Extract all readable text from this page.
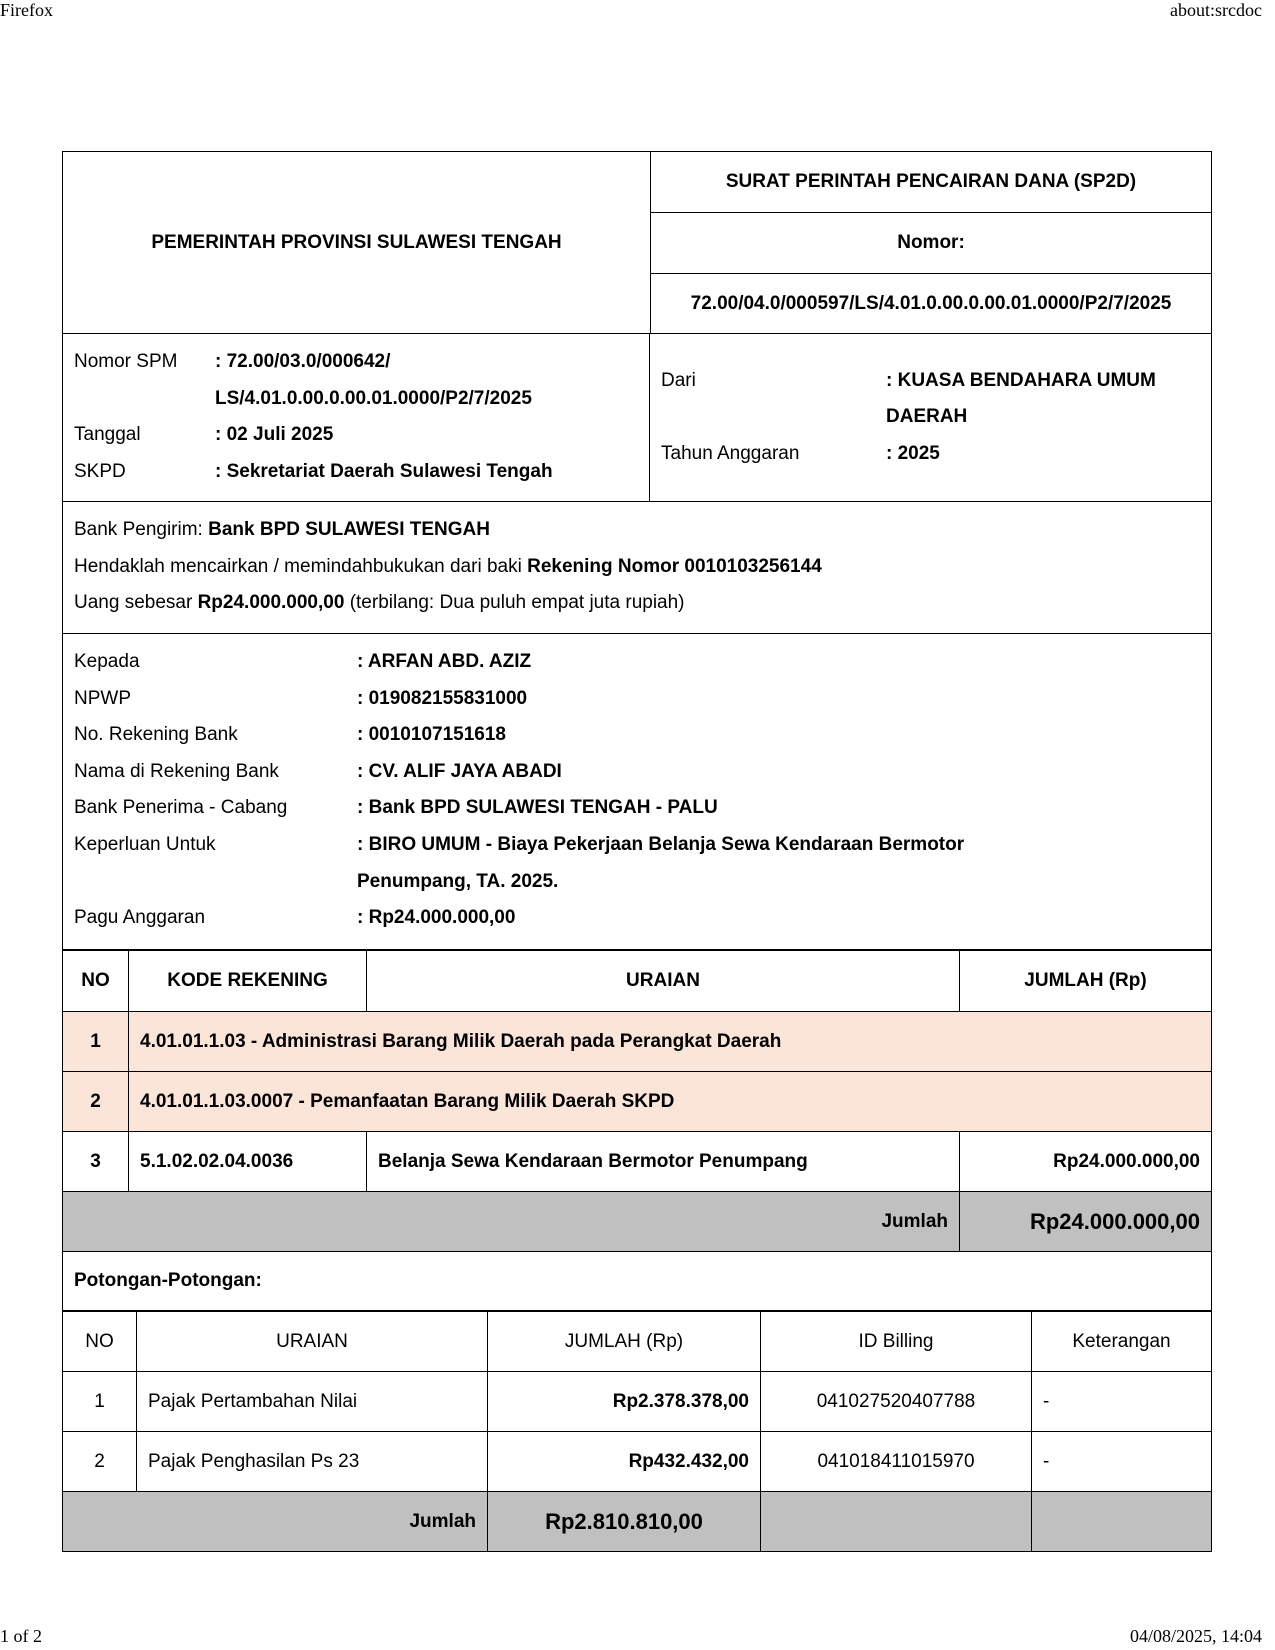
Firefox	about:srcdoc
PEMERINTAH PROVINSI SULAWESI TENGAH
SURAT PERINTAH PENCAIRAN DANA (SP2D)
Nomor:
72.00/04.0/000597/LS/4.01.0.00.0.00.01.0000/P2/7/2025
Nomor SPM	: 72.00/03.0/000642/
LS/4.01.0.00.0.00.01.0000/P2/7/2025
Tanggal	: 02 Juli 2025
SKPD	: Sekretariat Daerah Sulawesi Tengah
Dari	: KUASA BENDAHARA UMUM
DAERAH
Tahun Anggaran	: 2025
Bank Pengirim: Bank BPD SULAWESI TENGAH
Hendaklah mencairkan / memindahbukukan dari baki Rekening Nomor 0010103256144
Uang sebesar Rp24.000.000,00 (terbilang: Dua puluh empat juta rupiah)
Kepada	: ARFAN ABD. AZIZ
NPWP	: 019082155831000
No. Rekening Bank	: 0010107151618
Nama di Rekening Bank	: CV. ALIF JAYA ABADI
Bank Penerima - Cabang	: Bank BPD SULAWESI TENGAH - PALU
Keperluan Untuk	: BIRO UMUM - Biaya Pekerjaan Belanja Sewa Kendaraan Bermotor
Penumpang, TA. 2025.
Pagu Anggaran	: Rp24.000.000,00
NO	KODE REKENING	URAIAN	JUMLAH (Rp)
1	4.01.01.1.03 - Administrasi Barang Milik Daerah pada Perangkat Daerah
2	4.01.01.1.03.0007 - Pemanfaatan Barang Milik Daerah SKPD
3	5.1.02.02.04.0036	Belanja Sewa Kendaraan Bermotor Penumpang	Rp24.000.000,00
Jumlah	Rp24.000.000,00
Potongan-Potongan:
NO	URAIAN	JUMLAH (Rp)	ID Billing	Keterangan
1	Pajak Pertambahan Nilai	Rp2.378.378,00	041027520407788	-
2	Pajak Penghasilan Ps 23	Rp432.432,00	041018411015970	-
Jumlah	Rp2.810.810,00
1 of 2	04/08/2025, 14:04
